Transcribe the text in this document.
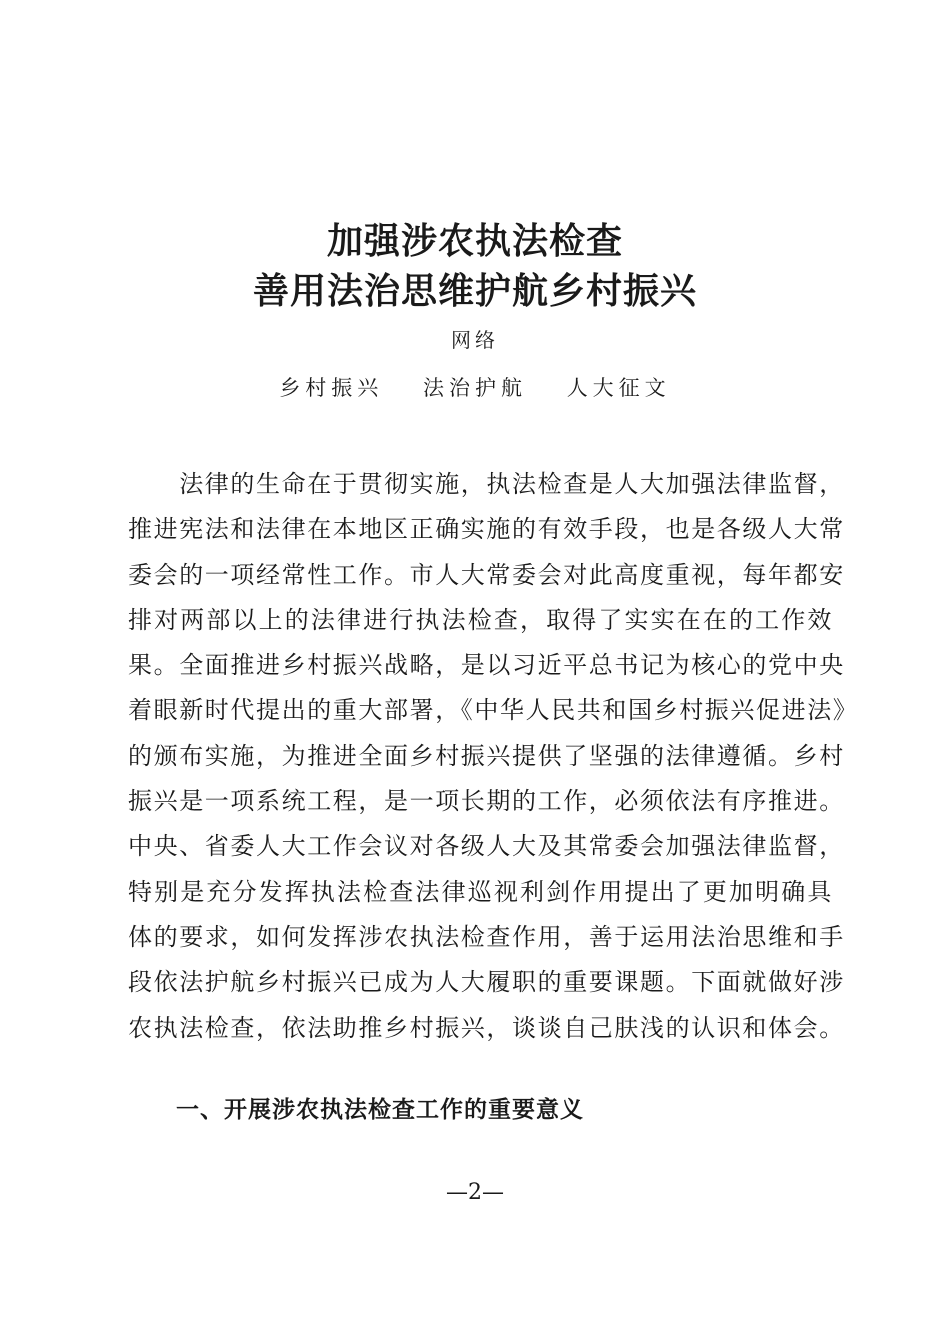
加强涉农执法检查
善用法治思维护航乡村振兴
网络
乡村振兴 法治护航 人大征文
　　法律的生命在于贯彻实施，执法检查是人大加强法律监督，
推进宪法和法律在本地区正确实施的有效手段，也是各级人大常
委会的一项经常性工作。市人大常委会对此高度重视，每年都安
排对两部以上的法律进行执法检查，取得了实实在在的工作效
果。全面推进乡村振兴战略，是以习近平总书记为核心的党中央
着眼新时代提出的重大部署，《中华人民共和国乡村振兴促进法》
的颁布实施，为推进全面乡村振兴提供了坚强的法律遵循。乡村
振兴是一项系统工程，是一项长期的工作，必须依法有序推进。
中央、省委人大工作会议对各级人大及其常委会加强法律监督，
特别是充分发挥执法检查法律巡视利剑作用提出了更加明确具
体的要求，如何发挥涉农执法检查作用，善于运用法治思维和手
段依法护航乡村振兴已成为人大履职的重要课题。下面就做好涉
农执法检查，依法助推乡村振兴，谈谈自己肤浅的认识和体会。
一、开展涉农执法检查工作的重要意义
—2—
